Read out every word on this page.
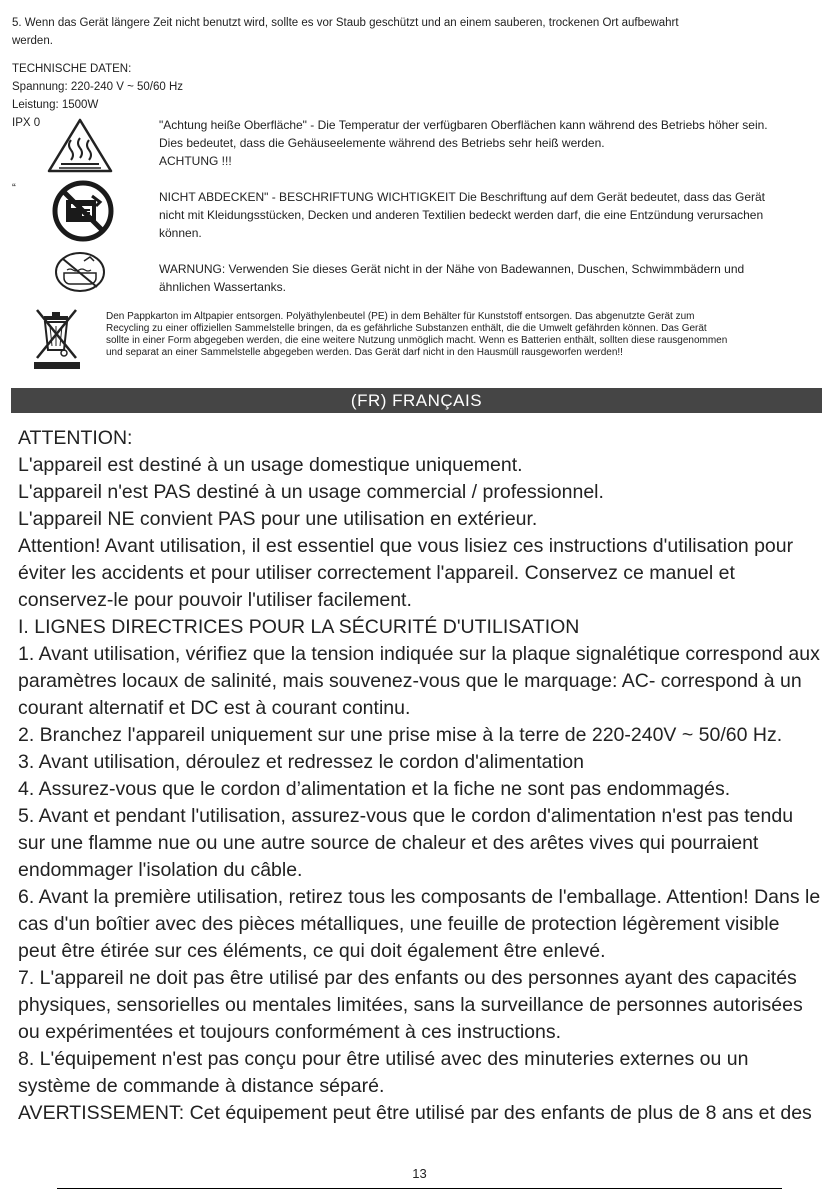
5. Wenn das Gerät längere Zeit nicht benutzt wird, sollte es vor Staub geschützt und an einem sauberen, trockenen Ort aufbewahrt
werden.
TECHNISCHE DATEN:
Spannung: 220-240 V ~ 50/60 Hz
Leistung: 1500W
IPX 0	"Achtung heiße Oberfläche" - Die Temperatur der verfügbaren Oberflächen kann während des Betriebs höher sein.
Dies bedeutet, dass die Gehäuseelemente während des Betriebs sehr heiß werden.
ACHTUNG !!!
“
NICHT ABDECKEN" - BESCHRIFTUNG WICHTIGKEIT Die Beschriftung auf dem Gerät bedeutet, dass das Gerät
nicht mit Kleidungsstücken, Decken und anderen Textilien bedeckt werden darf, die eine Entzündung verursachen
können.
WARNUNG: Verwenden Sie dieses Gerät nicht in der Nähe von Badewannen, Duschen, Schwimmbädern und
ähnlichen Wassertanks.
Den Pappkarton im Altpapier entsorgen. Polyäthylenbeutel (PE) in dem Behälter für Kunststoff entsorgen. Das abgenutzte Gerät zum
Recycling zu einer offiziellen Sammelstelle bringen, da es gefährliche Substanzen enthält, die die Umwelt gefährden können. Das Gerät
sollte in einer Form abgegeben werden, die eine weitere Nutzung unmöglich macht. Wenn es Batterien enthält, sollten diese rausgenommen
und separat an einer Sammelstelle abgegeben werden. Das Gerät darf nicht in den Hausmüll rausgeworfen werden!!
(FR) FRANÇAIS
ATTENTION:
L'appareil est destiné à un usage domestique uniquement.
L'appareil n'est PAS destiné à un usage commercial / professionnel.
L'appareil NE convient PAS pour une utilisation en extérieur.
Attention! Avant utilisation, il est essentiel que vous lisiez ces instructions d'utilisation pour
éviter les accidents et pour utiliser correctement l'appareil. Conservez ce manuel et
conservez-le pour pouvoir l'utiliser facilement.
I. LIGNES DIRECTRICES POUR LA SÉCURITÉ D'UTILISATION
1. Avant utilisation, vérifiez que la tension indiquée sur la plaque signalétique correspond aux
paramètres locaux de salinité, mais souvenez-vous que le marquage: AC- correspond à un
courant alternatif et DC est à courant continu.
2. Branchez l'appareil uniquement sur une prise mise à la terre de 220-240V ~ 50/60 Hz.
3. Avant utilisation, déroulez et redressez le cordon d'alimentation
4. Assurez-vous que le cordon d’alimentation et la fiche ne sont pas endommagés.
5. Avant et pendant l'utilisation, assurez-vous que le cordon d'alimentation n'est pas tendu
sur une flamme nue ou une autre source de chaleur et des arêtes vives qui pourraient
endommager l'isolation du câble.
6. Avant la première utilisation, retirez tous les composants de l'emballage. Attention! Dans le
cas d'un boîtier avec des pièces métalliques, une feuille de protection légèrement visible
peut être étirée sur ces éléments, ce qui doit également être enlevé.
7. L'appareil ne doit pas être utilisé par des enfants ou des personnes ayant des capacités
physiques, sensorielles ou mentales limitées, sans la surveillance de personnes autorisées
ou expérimentées et toujours conformément à ces instructions.
8. L'équipement n'est pas conçu pour être utilisé avec des minuteries externes ou un
système de commande à distance séparé.
AVERTISSEMENT: Cet équipement peut être utilisé par des enfants de plus de 8 ans et des
13
